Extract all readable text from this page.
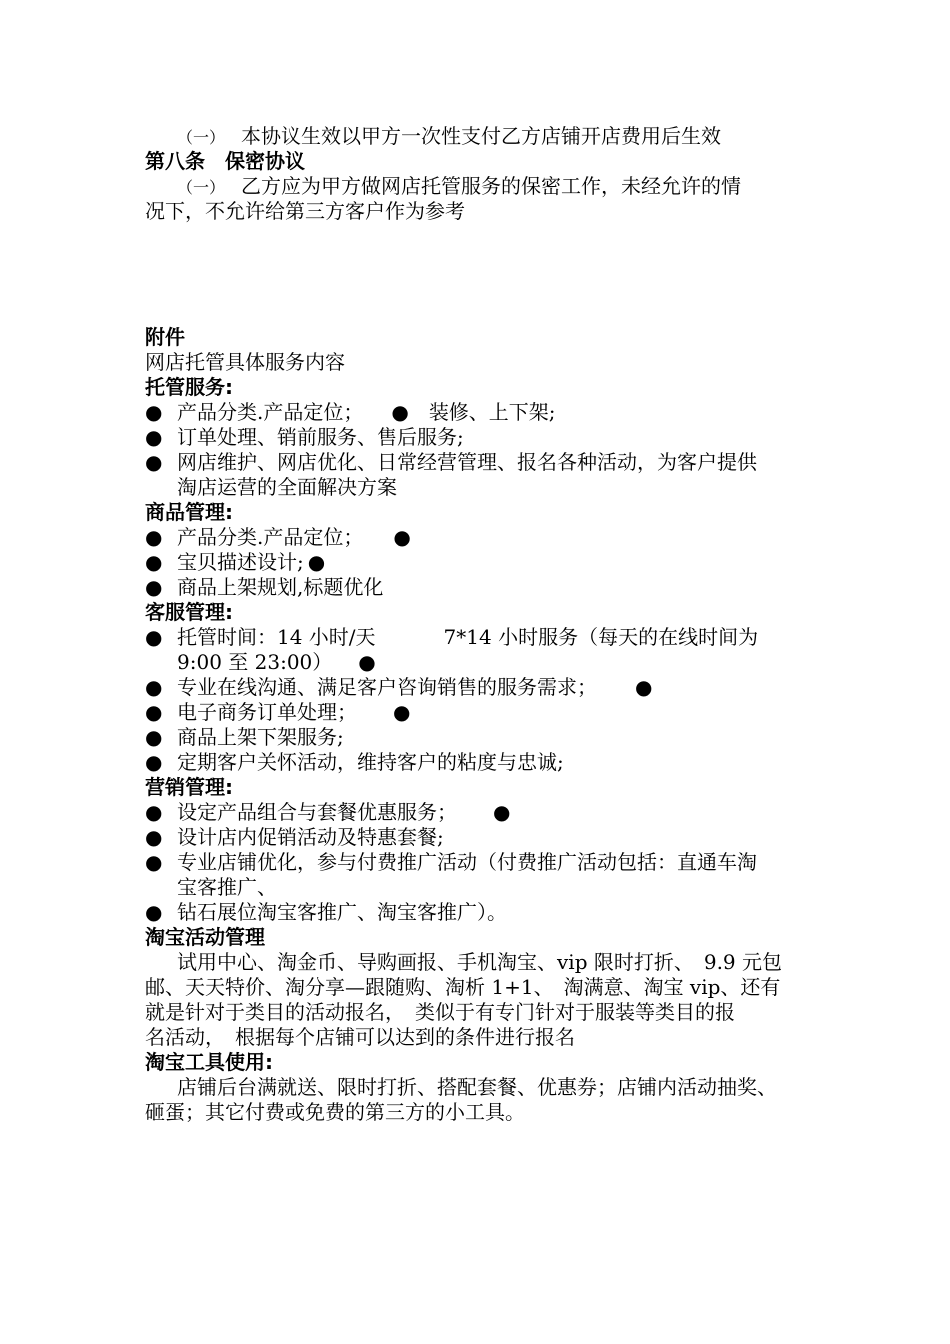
（一） 本协议生效以甲方一次性支付乙方店铺开店费用后生效
第八条　保密协议
（一） 乙方应为甲方做网店托管服务的保密工作，未经允许的情
况下，不允许给第三方客户作为参考
附件
网店托管具体服务内容
托管服务:
●
产品分类.产品定位；
●	装修、上下架;
●
订单处理、销前服务、售后服务;
●
网店维护、网店优化、日常经营管理、报名各种活动，为客户提供
淘店运营的全面解决方案
商品管理:
●
产品分类.产品定位；
●
●
宝贝描述设计;
●
●
商品上架规划,标题优化
客服管理:
●
托管时间：14 小时/天	7*14 小时服务（每天的在线时间为
9:00 至 23:00）●
●
专业在线沟通、满足客户咨询销售的服务需求；
●
●
电子商务订单处理；
●
●
商品上架下架服务;
●
定期客户关怀活动，维持客户的粘度与忠诚;
营销管理:
●
设定产品组合与套餐优惠服务；
●
●
设计店内促销活动及特惠套餐;
●
专业店铺优化，参与付费推广活动（付费推广活动包括：直通车淘
宝客推广、
●
钻石展位淘宝客推广、淘宝客推广）。
淘宝活动管理
试用中心、淘金币、导购画报、手机淘宝、vip 限时打折、　9.9 元包
邮、天天特价、淘分享—跟随购、淘析 1+1、　淘满意、淘宝 vip、还有
就是针对于类目的活动报名，　类似于有专门针对于服装等类目的报
名活动，　根据每个店铺可以达到的条件进行报名
淘宝工具使用:
店铺后台满就送、限时打折、搭配套餐、优惠券；店铺内活动抽奖、
砸蛋；其它付费或免费的第三方的小工具。
